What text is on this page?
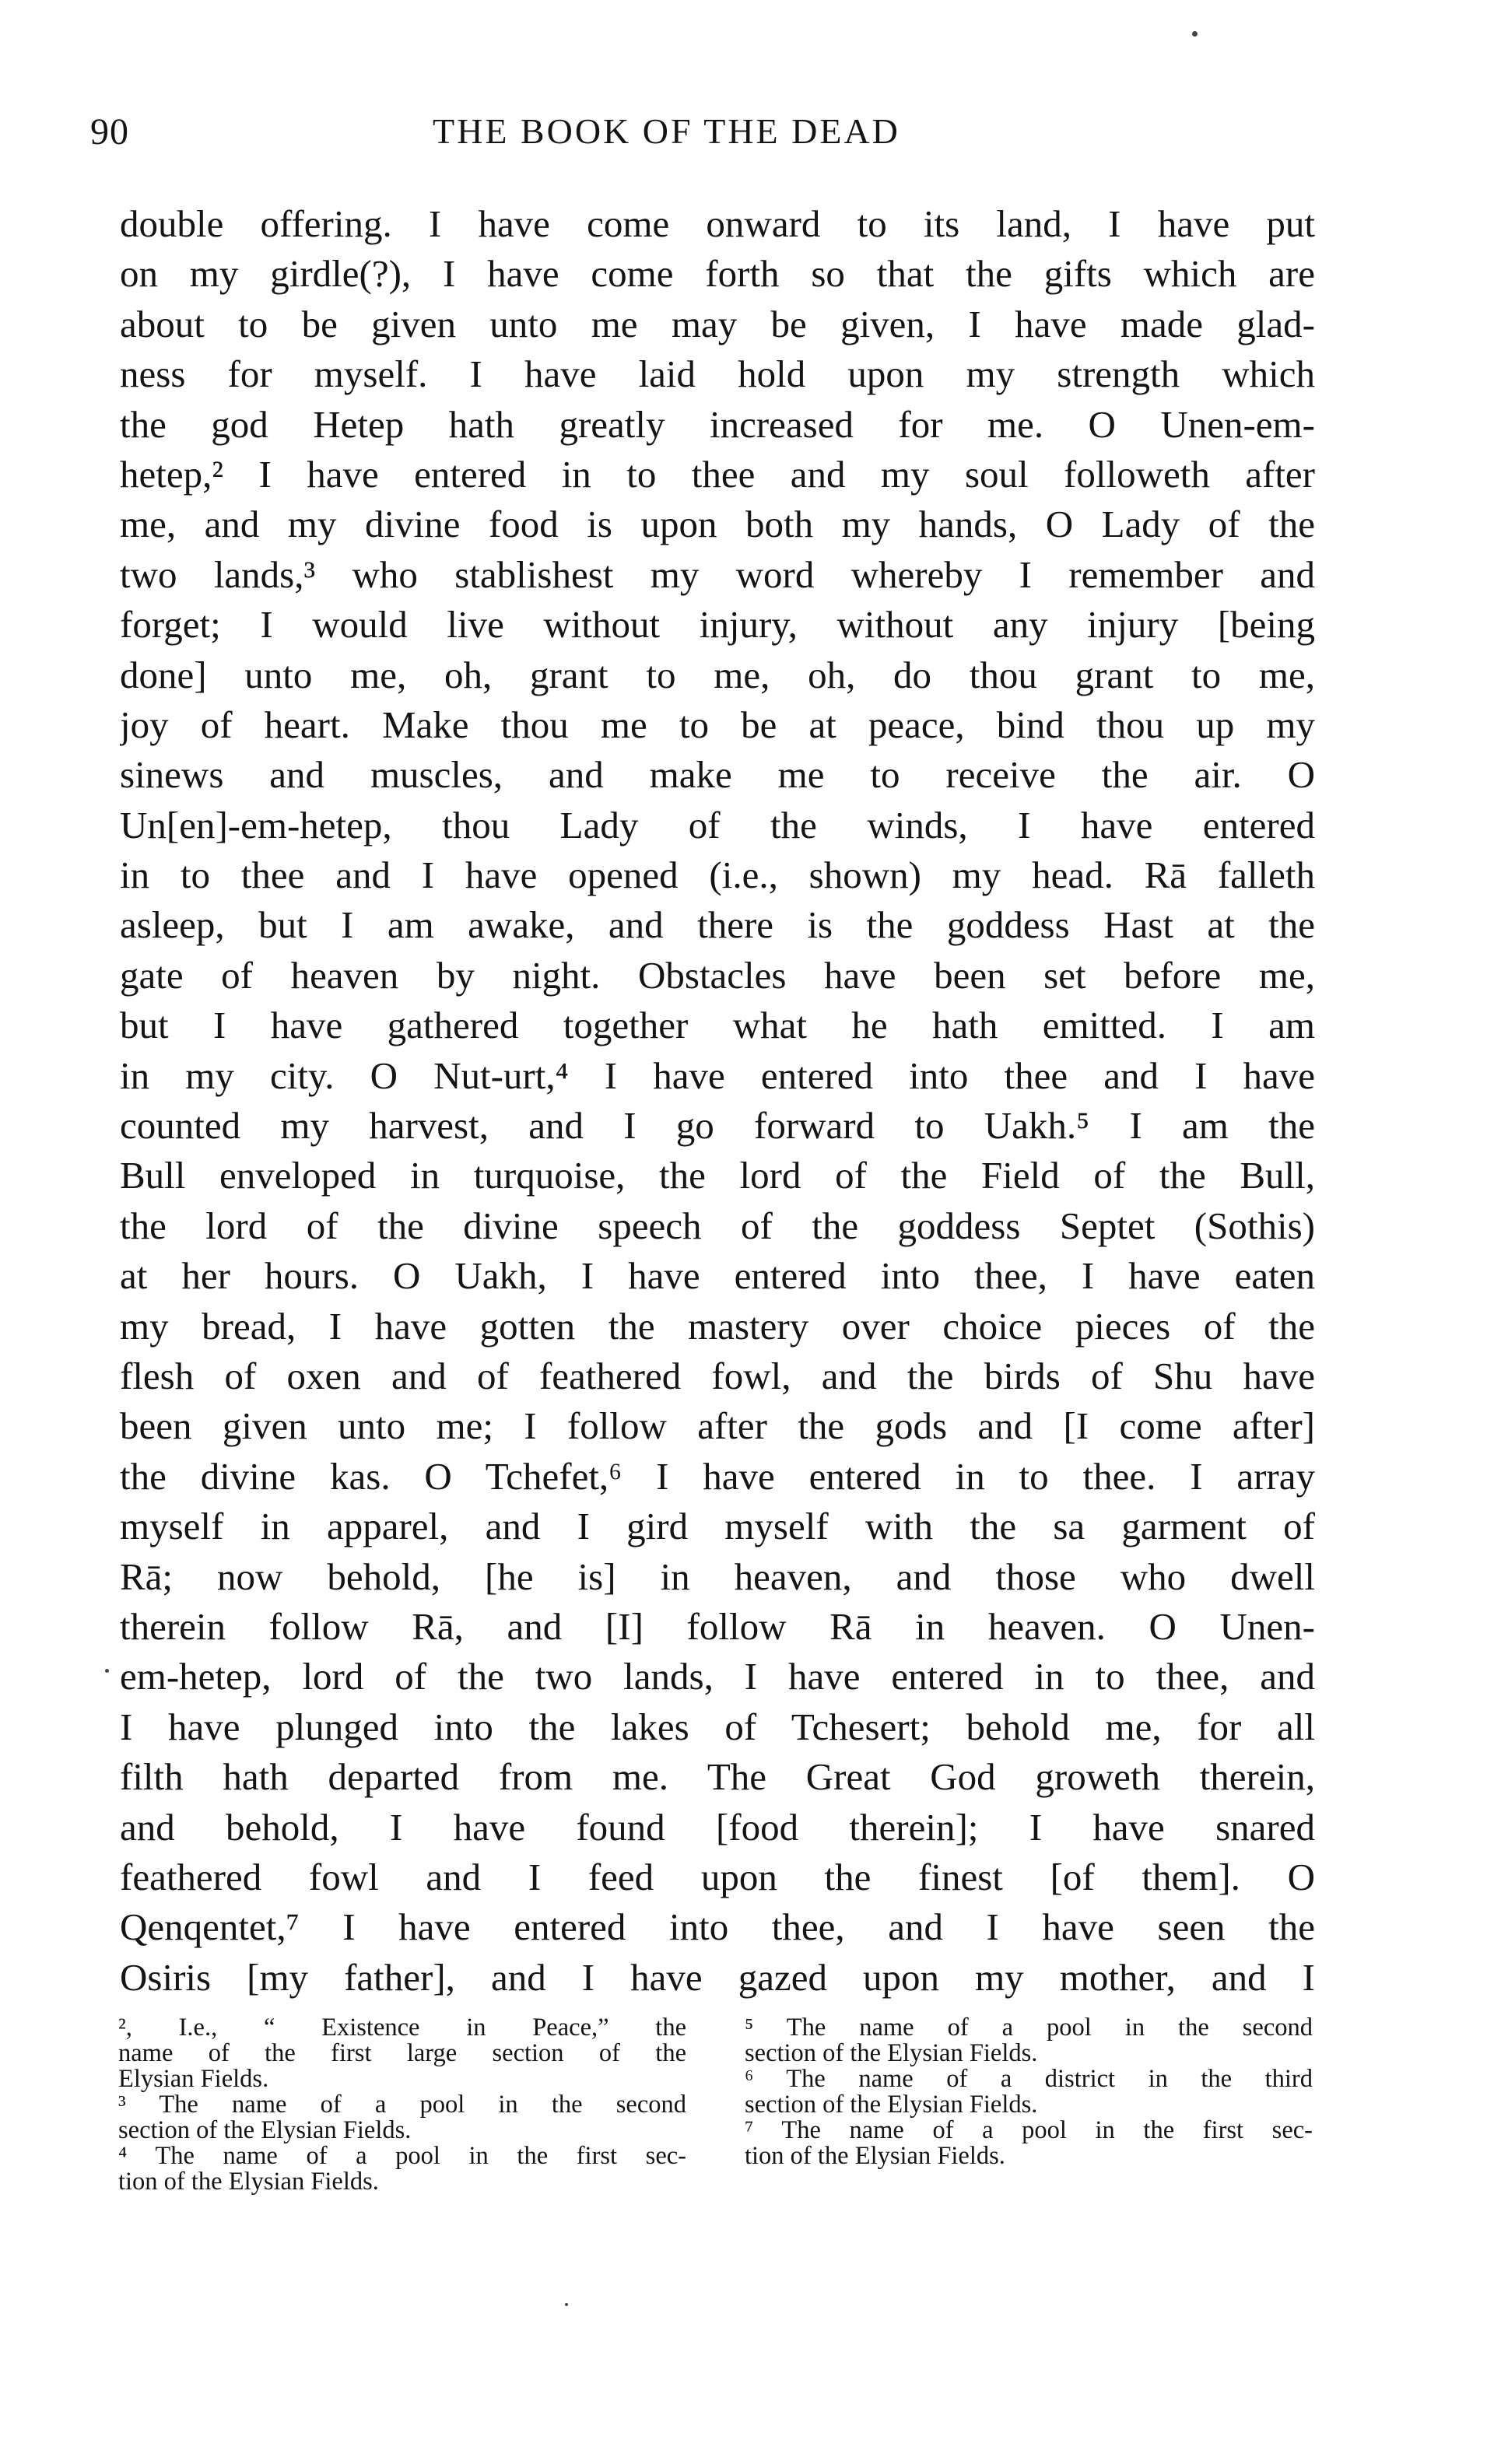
90	THE BOOK OF THE DEAD
double offering. I have come onward to its land, I have put
on my girdle(?), I have come forth so that the gifts which are
about to be given unto me may be given, I have made glad-
ness for myself. I have laid hold upon my strength which
the god Hetep hath greatly increased for me. O Unen-em-
hetep,² I have entered in to thee and my soul followeth after
me, and my divine food is upon both my hands, O Lady of the
two lands,³ who stablishest my word whereby I remember and
forget; I would live without injury, without any injury [being
done] unto me, oh, grant to me, oh, do thou grant to me,
joy of heart. Make thou me to be at peace, bind thou up my
sinews and muscles, and make me to receive the air. O
Un[en]-em-hetep, thou Lady of the winds, I have entered
in to thee and I have opened (i.e., shown) my head. Rā falleth
asleep, but I am awake, and there is the goddess Hast at the
gate of heaven by night. Obstacles have been set before me,
but I have gathered together what he hath emitted. I am
in my city. O Nut-urt,⁴ I have entered into thee and I have
counted my harvest, and I go forward to Uakh.⁵ I am the
Bull enveloped in turquoise, the lord of the Field of the Bull,
the lord of the divine speech of the goddess Septet (Sothis)
at her hours. O Uakh, I have entered into thee, I have eaten
my bread, I have gotten the mastery over choice pieces of the
flesh of oxen and of feathered fowl, and the birds of Shu have
been given unto me; I follow after the gods and [I come after]
the divine kas. O Tchefet,⁶ I have entered in to thee. I array
myself in apparel, and I gird myself with the sa garment of
Rā; now behold, [he is] in heaven, and those who dwell
therein follow Rā, and [I] follow Rā in heaven. O Unen-
em-hetep, lord of the two lands, I have entered in to thee, and
I have plunged into the lakes of Tchesert; behold me, for all
filth hath departed from me. The Great God groweth therein,
and behold, I have found [food therein]; I have snared
feathered fowl and I feed upon the finest [of them]. O
Qenqentet,⁷ I have entered into thee, and I have seen the
Osiris [my father], and I have gazed upon my mother, and I
², I.e., “ Existence in Peace,” the
name of the first large section of the
Elysian Fields.
³ The name of a pool in the second
section of the Elysian Fields.
⁴ The name of a pool in the first sec-
tion of the Elysian Fields.
⁵ The name of a pool in the second
section of the Elysian Fields.
⁶ The name of a district in the third
section of the Elysian Fields.
⁷ The name of a pool in the first sec-
tion of the Elysian Fields.
